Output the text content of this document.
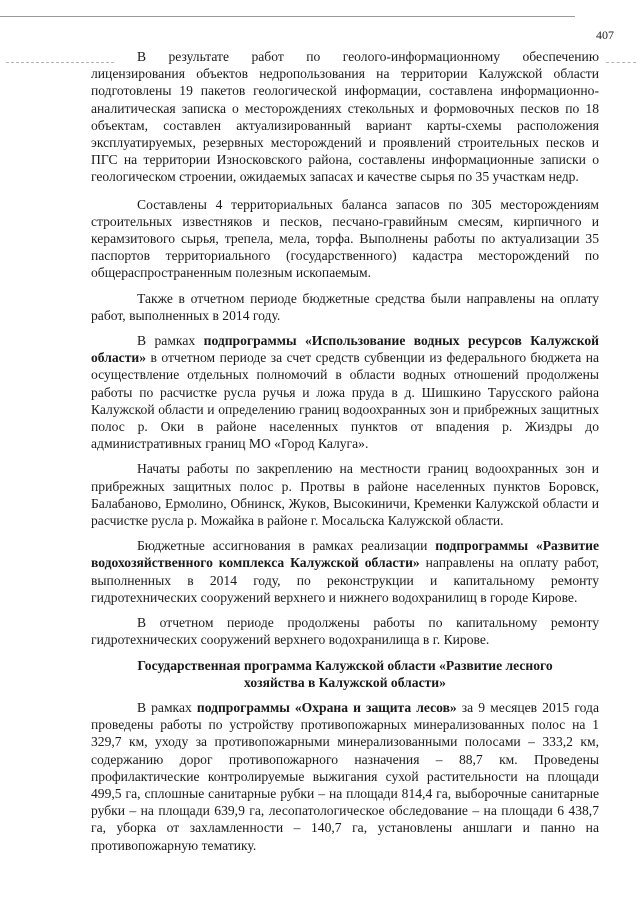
407

В результате работ по геолого-информационному обеспечению лицензирования объектов недропользования на территории Калужской области подготовлены 19 пакетов геологической информации, составлена информационно-аналитическая записка о месторождениях стекольных и формовочных песков по 18 объектам, составлен актуализированный вариант карты-схемы расположения эксплуатируемых, резервных месторождений и проявлений строительных песков и ПГС на территории Износковского района, составлены информационные записки о геологическом строении, ожидаемых запасах и качестве сырья по 35 участкам недр.

Составлены 4 территориальных баланса запасов по 305 месторождениям строительных известняков и песков, песчано-гравийным смесям, кирпичного и керамзитового сырья, трепела, мела, торфа. Выполнены работы по актуализации 35 паспортов территориального (государственного) кадастра месторождений по общераспространенным полезным ископаемым.

Также в отчетном периоде бюджетные средства были направлены на оплату работ, выполненных в 2014 году.

В рамках подпрограммы «Использование водных ресурсов Калужской области» в отчетном периоде за счет средств субвенции из федерального бюджета на осуществление отдельных полномочий в области водных отношений продолжены работы по расчистке русла ручья и ложа пруда в д. Шишкино Тарусского района Калужской области и определению границ водоохранных зон и прибрежных защитных полос р. Оки в районе населенных пунктов от впадения р. Жиздры до административных границ МО «Город Калуга».

Начаты работы по закреплению на местности границ водоохранных зон и прибрежных защитных полос р. Протвы в районе населенных пунктов Боровск, Балабаново, Ермолино, Обнинск, Жуков, Высокиничи, Кременки Калужской области и расчистке русла р. Можайка в районе г. Мосальска Калужской области.

Бюджетные ассигнования в рамках реализации подпрограммы «Развитие водохозяйственного комплекса Калужской области» направлены на оплату работ, выполненных в 2014 году, по реконструкции и капитальному ремонту гидротехнических сооружений верхнего и нижнего водохранилищ в городе Кирове.

В отчетном периоде продолжены работы по капитальному ремонту гидротехнических сооружений верхнего водохранилища в г. Кирове.

Государственная программа Калужской области «Развитие лесного хозяйства в Калужской области»

В рамках подпрограммы «Охрана и защита лесов» за 9 месяцев 2015 года проведены работы по устройству противопожарных минерализованных полос на 1 329,7 км, уходу за противопожарными минерализованными полосами – 333,2 км, содержанию дорог противопожарного назначения – 88,7 км. Проведены профилактические контролируемые выжигания сухой растительности на площади 499,5 га, сплошные санитарные рубки – на площади 814,4 га, выборочные санитарные рубки – на площади 639,9 га, лесопатологическое обследование – на площади 6 438,7 га, уборка от захламленности – 140,7 га, установлены аншлаги и панно на противопожарную тематику.
